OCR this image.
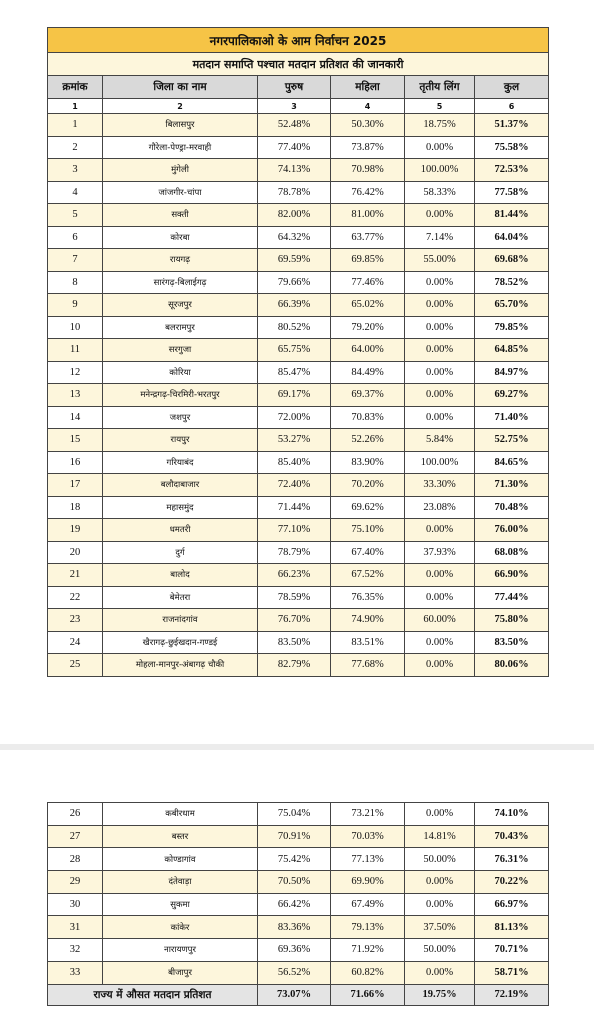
नगरपालिकाओ के आम निर्वाचन 2025					
मतदान समाप्ति पश्चात मतदान प्रतिशत की जानकारी					
क्रमांक	जिला का नाम	पुरुष	महिला	तृतीय लिंग	कुल
1	2	3	4	5	6
1	बिलासपुर	52.48%	50.30%	18.75%	51.37%
2	गौरेला-पेण्ड्रा-मरवाही	77.40%	73.87%	0.00%	75.58%
3	मुंगेली	74.13%	70.98%	100.00%	72.53%
4	जांजगीर-चांपा	78.78%	76.42%	58.33%	77.58%
5	सक्ती	82.00%	81.00%	0.00%	81.44%
6	कोरबा	64.32%	63.77%	7.14%	64.04%
7	रायगढ़	69.59%	69.85%	55.00%	69.68%
8	सारंगढ़-बिलाईगढ़	79.66%	77.46%	0.00%	78.52%
9	सूरजपुर	66.39%	65.02%	0.00%	65.70%
10	बलरामपुर	80.52%	79.20%	0.00%	79.85%
11	सरगुजा	65.75%	64.00%	0.00%	64.85%
12	कोरिया	85.47%	84.49%	0.00%	84.97%
13	मनेन्द्रगढ़-चिरमिरी-भरतपुर	69.17%	69.37%	0.00%	69.27%
14	जशपुर	72.00%	70.83%	0.00%	71.40%
15	रायपुर	53.27%	52.26%	5.84%	52.75%
16	गरियाबंद	85.40%	83.90%	100.00%	84.65%
17	बलौदाबाजार	72.40%	70.20%	33.30%	71.30%
18	महासमुंद	71.44%	69.62%	23.08%	70.48%
19	धमतरी	77.10%	75.10%	0.00%	76.00%
20	दुर्ग	78.79%	67.40%	37.93%	68.08%
21	बालोद	66.23%	67.52%	0.00%	66.90%
22	बेमेतरा	78.59%	76.35%	0.00%	77.44%
23	राजनांदगांव	76.70%	74.90%	60.00%	75.80%
24	खैरागढ़-छुईखदान-गण्डई	83.50%	83.51%	0.00%	83.50%
25	मोहला-मानपुर-अंबागढ़ चौकी	82.79%	77.68%	0.00%	80.06%
26	कबीरधाम	75.04%	73.21%	0.00%	74.10%
27	बस्तर	70.91%	70.03%	14.81%	70.43%
28	कोण्डागांव	75.42%	77.13%	50.00%	76.31%
29	दंतेवाड़ा	70.50%	69.90%	0.00%	70.22%
30	सुकमा	66.42%	67.49%	0.00%	66.97%
31	कांकेर	83.36%	79.13%	37.50%	81.13%
32	नारायणपुर	69.36%	71.92%	50.00%	70.71%
33	बीजापुर	56.52%	60.82%	0.00%	58.71%
राज्य में औसत मतदान प्रतिशत		73.07%	71.66%	19.75%	72.19%
